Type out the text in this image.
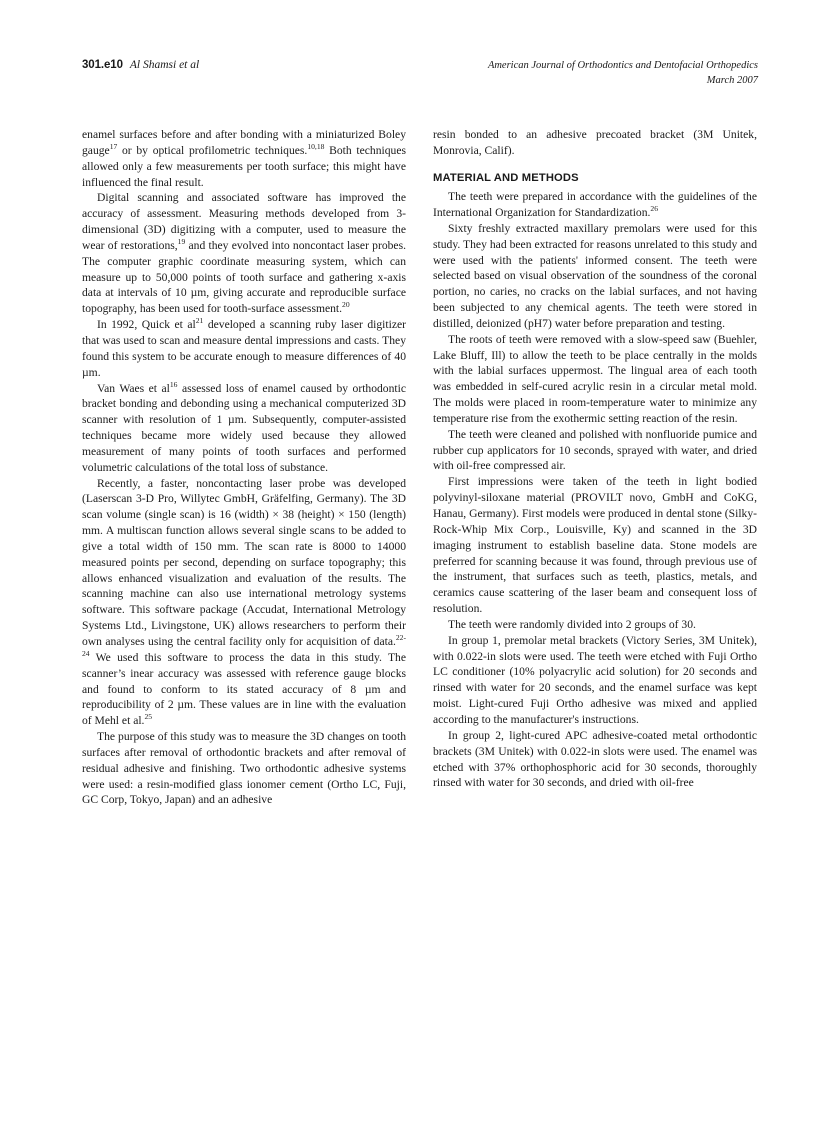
301.e10 Al Shamsi et al	American Journal of Orthodontics and Dentofacial Orthopedics
March 2007

enamel surfaces before and after bonding with a miniaturized Boley gauge$^{17}$ or by optical profilometric techniques.$^{10,18}$ Both techniques allowed only a few measurements per tooth surface; this might have influenced the final result.

Digital scanning and associated software has improved the accuracy of assessment. Measuring methods developed from 3-dimensional (3D) digitizing with a computer, used to measure the wear of restorations,$^{19}$ and they evolved into noncontact laser probes. The computer graphic coordinate measuring system, which can measure up to 50,000 points of tooth surface and gathering x-axis data at intervals of 10 µm, giving accurate and reproducible surface topography, has been used for tooth-surface assessment.$^{20}$

In 1992, Quick et $al^{21}$ developed a scanning ruby laser digitizer that was used to scan and measure dental impressions and casts. They found this system to be accurate enough to measure differences of 40 µm.

Van Waes et $al^{16}$ assessed loss of enamel caused by orthodontic bracket bonding and debonding using a mechanical computerized 3D scanner with resolution of 1 µm. Subsequently, computer-assisted techniques became more widely used because they allowed measurement of many points of tooth surfaces and performed volumetric calculations of the total loss of substance.

Recently, a faster, noncontacting laser probe was developed (Laserscan 3-D Pro, Willytec GmbH, Gräfelfing, Germany). The 3D scan volume (single scan) is 16 (width) × 38 (height) × 150 (length) mm. A multiscan function allows several single scans to be added to give a total width of 150 mm. The scan rate is 8000 to 14000 measured points per second, depending on surface topography; this allows enhanced visualization and evaluation of the results. The scanning machine can also use international metrology systems software. This software package (Accudat, International Metrology Systems Ltd., Livingstone, UK) allows researchers to perform their own analyses using the central facility only for acquisition of data.$^{22-24}$ We used this software to process the data in this study. The scanner’s inear accuracy was assessed with reference gauge blocks and found to conform to its stated accuracy of 8 µm and reproducibility of 2 µm. These values are in line with the evaluation of Mehl et al.$^{25}$

The purpose of this study was to measure the 3D changes on tooth surfaces after removal of orthodontic brackets and after removal of residual adhesive and finishing. Two orthodontic adhesive systems were used: a resin-modified glass ionomer cement (Ortho LC, Fuji, GC Corp, Tokyo, Japan) and an adhesive

resin bonded to an adhesive precoated bracket (3M Unitek, Monrovia, Calif).

MATERIAL AND METHODS

The teeth were prepared in accordance with the guidelines of the International Organization for Standardization.$^{26}$

Sixty freshly extracted maxillary premolars were used for this study. They had been extracted for reasons unrelated to this study and were used with the patients' informed consent. The teeth were selected based on visual observation of the soundness of the coronal portion, no caries, no cracks on the labial surfaces, and not having been subjected to any chemical agents. The teeth were stored in distilled, deionized (pH7) water before preparation and testing.

The roots of teeth were removed with a slow-speed saw (Buehler, Lake Bluff, Ill) to allow the teeth to be place centrally in the molds with the labial surfaces uppermost. The lingual area of each tooth was embedded in self-cured acrylic resin in a circular metal mold. The molds were placed in room-temperature water to minimize any temperature rise from the exothermic setting reaction of the resin.

The teeth were cleaned and polished with nonfluoride pumice and rubber cup applicators for 10 seconds, sprayed with water, and dried with oil-free compressed air.

First impressions were taken of the teeth in light bodied polyvinyl-siloxane material (PROVILT novo, GmbH and CoKG, Hanau, Germany). First models were produced in dental stone (Silky-Rock-Whip Mix Corp., Louisville, Ky) and scanned in the 3D imaging instrument to establish baseline data. Stone models are preferred for scanning because it was found, through previous use of the instrument, that surfaces such as teeth, plastics, metals, and ceramics cause scattering of the laser beam and consequent loss of resolution.

The teeth were randomly divided into 2 groups of 30.

In group 1, premolar metal brackets (Victory Series, 3M Unitek), with 0.022-in slots were used. The teeth were etched with Fuji Ortho LC conditioner (10% polyacrylic acid solution) for 20 seconds and rinsed with water for 20 seconds, and the enamel surface was kept moist. Light-cured Fuji Ortho adhesive was mixed and applied according to the manufacturer's instructions.

In group 2, light-cured APC adhesive-coated metal orthodontic brackets (3M Unitek) with 0.022-in slots were used. The enamel was etched with 37% orthophosphoric acid for 30 seconds, thoroughly rinsed with water for 30 seconds, and dried with oil-free
